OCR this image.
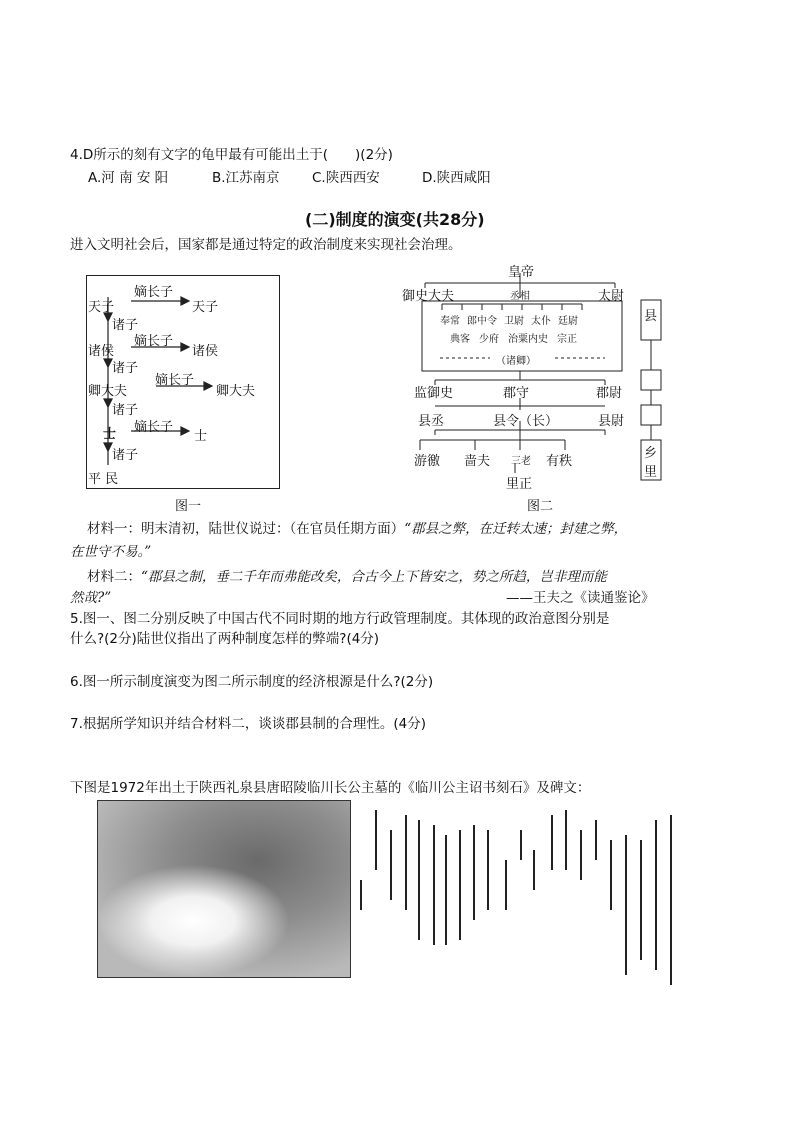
4.D所示的刻有文字的龟甲最有可能出土于(　　)(2分)
A.河 南 安 阳	B.江苏南京 C.陕西西安	D.陕西咸阳
(二)制度的演变(共28分)
进入文明社会后，国家都是通过特定的政治制度来实现社会治理。
天子
嫡长子
天子
诸子
诸侯
嫡长子
诸侯
诸子
卿大夫
嫡长子
卿大夫
诸子
士 嫡长子
士
诸子
平 民
图一
皇帝
御史大夫	丞相	太尉
奉常 郎中令 卫尉 太仆 廷尉
典客 少府 治粟内史 宗正
（诸卿）
监御史	郡守	郡尉
县丞	县令（长）	县尉
游徼 啬夫 三老 有秩
里正
图二
县
乡
里
材料一：明末清初，陆世仪说过：（在官员任期方面）“郡县之弊，在迁转太速；封建之弊，
在世守不易。”
材料二：“郡县之制，垂二千年而弗能改矣，合古今上下皆安之，势之所趋，岂非理而能
然哉?”	——王夫之《读通鉴论》
5.图一、图二分别反映了中国古代不同时期的地方行政管理制度。其体现的政治意图分别是
什么?(2分)陆世仪指出了两种制度怎样的弊端?(4分)
6.图一所示制度演变为图二所示制度的经济根源是什么?(2分)
7.根据所学知识并结合材料二，谈谈郡县制的合理性。(4分)
下图是1972年出土于陕西礼泉县唐昭陵临川长公主墓的《临川公主诏书刻石》及碑文：
